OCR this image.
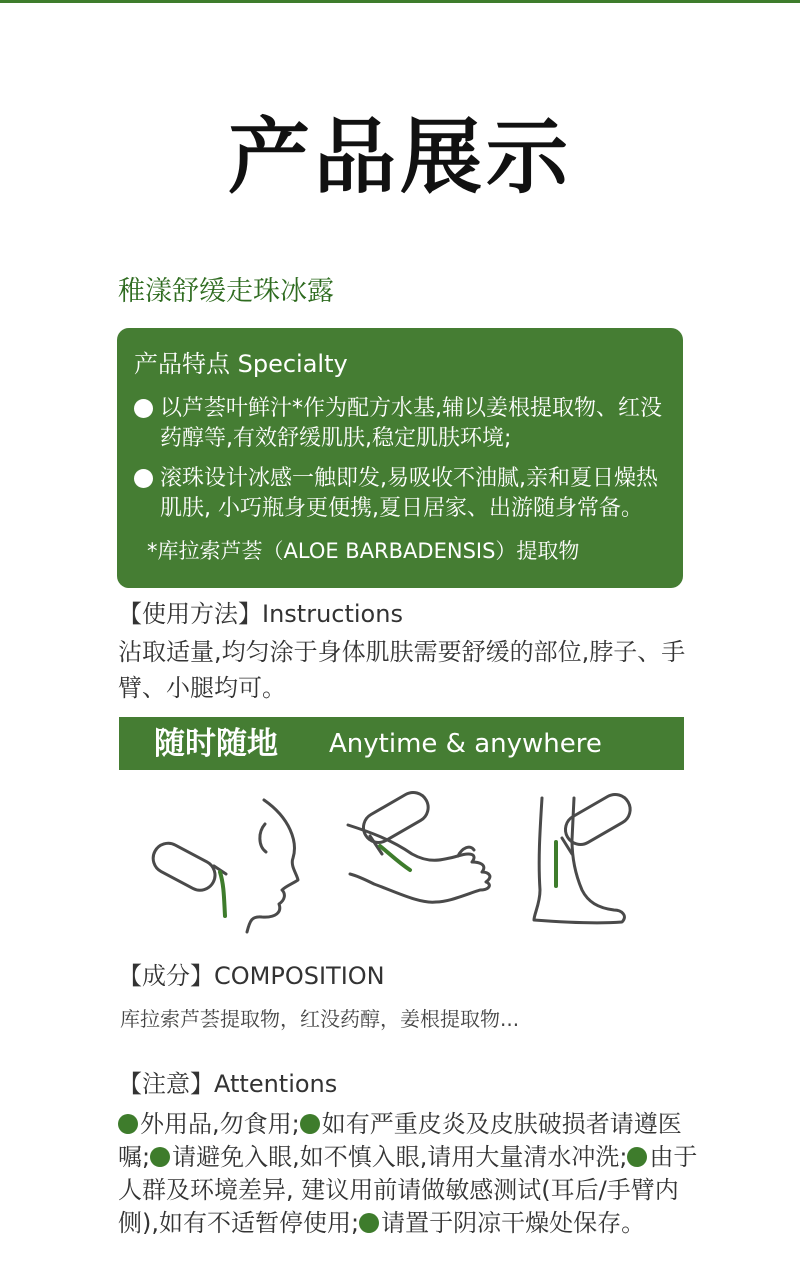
产品展示
稚漾舒缓走珠冰露
产品特点 Specialty
以芦荟叶鲜汁*作为配方水基,辅以姜根提取物、红没药醇等,有效舒缓肌肤,稳定肌肤环境;
滚珠设计冰感一触即发,易吸收不油腻,亲和夏日燥热肌肤, 小巧瓶身更便携,夏日居家、出游随身常备。
*库拉索芦荟（ALOE BARBADENSIS）提取物
【使用方法】Instructions
沾取适量,均匀涂于身体肌肤需要舒缓的部位,脖子、手臂、小腿均可。
随时随地 Anytime & anywhere
【成分】COMPOSITION
库拉索芦荟提取物，红没药醇，姜根提取物...
【注意】Attentions
外用品,勿食用; 如有严重皮炎及皮肤破损者请遵医嘱; 请避免入眼,如不慎入眼,请用大量清水冲洗; 由于人群及环境差异, 建议用前请做敏感测试(耳后/手臂内侧),如有不适暂停使用; 请置于阴凉干燥处保存。
